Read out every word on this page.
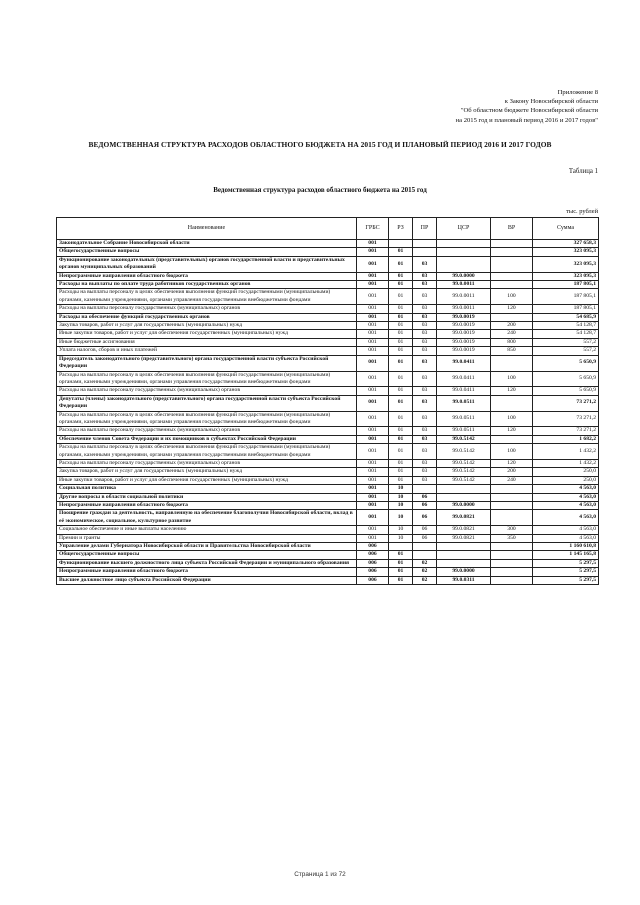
Приложение 8
к Закону Новосибирской области
"Об областном бюджете Новосибирской области
на 2015 год и плановый период 2016 и 2017 годов"
ВЕДОМСТВЕННАЯ СТРУКТУРА РАСХОДОВ ОБЛАСТНОГО БЮДЖЕТА НА 2015 ГОД И ПЛАНОВЫЙ ПЕРИОД 2016 И 2017 ГОДОВ
Таблица 1
Ведомственная структура расходов областного бюджета на 2015 год
тыс. рублей
Наименование	ГРБС	РЗ	ПР	ЦСР	ВР	Сумма
Законодательное Собрание Новосибирской области	001					327 658,3
Общегосударственные вопросы	001	01				323 095,3
Функционирование законодательных (представительных) органов государственной власти и представительных органов муниципальных образований	001	01	03			323 095,3
Непрограммные направления областного бюджета	001	01	03	99.0.0000		323 095,3
Расходы на выплаты по оплате труда работников государственных органов	001	01	03	99.0.0011		187 805,1
Расходы на выплаты персоналу в целях обеспечения выполнения функций государственными (муниципальными) органами, казенными учреждениями, органами управления государственными внебюджетными фондами	001	01	03	99.0.0011	100	187 805,1
Расходы на выплаты персоналу государственных (муниципальных) органов	001	01	03	99.0.0011	120	187 805,1
Расходы на обеспечение функций государственных органов	001	01	03	99.0.0019		54 685,9
Закупка товаров, работ и услуг для государственных (муниципальных) нужд	001	01	03	99.0.0019	200	54 128,7
Иные закупки товаров, работ и услуг для обеспечения государственных (муниципальных) нужд	001	01	03	99.0.0019	240	54 128,7
Иные бюджетные ассигнования	001	01	03	99.0.0019	800	557,2
Уплата налогов, сборов и иных платежей	001	01	03	99.0.0019	850	557,2
Председатель законодательного (представительного) органа государственной власти субъекта Российской Федерации	001	01	03	99.0.0411		5 650,9
Расходы на выплаты персоналу в целях обеспечения выполнения функций государственными (муниципальными) органами, казенными учреждениями, органами управления государственными внебюджетными фондами	001	01	03	99.0.0411	100	5 650,9
Расходы на выплаты персоналу государственных (муниципальных) органов	001	01	03	99.0.0411	120	5 650,9
Депутаты (члены) законодательного (представительного) органа государственной власти субъекта Российской Федерации	001	01	03	99.0.0511		73 271,2
Расходы на выплаты персоналу в целях обеспечения выполнения функций государственными (муниципальными) органами, казенными учреждениями, органами управления государственными внебюджетными фондами	001	01	03	99.0.0511	100	73 271,2
Расходы на выплаты персоналу государственных (муниципальных) органов	001	01	03	99.0.0511	120	73 271,2
Обеспечение членов Совета Федерации и их помощников в субъектах Российской Федерации	001	01	03	99.0.5142		1 682,2
Расходы на выплаты персоналу в целях обеспечения выполнения функций государственными (муниципальными) органами, казенными учреждениями, органами управления государственными внебюджетными фондами	001	01	03	99.0.5142	100	1 432,2
Расходы на выплаты персоналу государственных (муниципальных) органов	001	01	03	99.0.5142	120	1 432,2
Закупка товаров, работ и услуг для государственных (муниципальных) нужд	001	01	03	99.0.5142	200	250,0
Иные закупки товаров, работ и услуг для обеспечения государственных (муниципальных) нужд	001	01	03	99.0.5142	240	250,0
Социальная политика	001	10				4 563,0
Другие вопросы в области социальной политики	001	10	06			4 563,0
Непрограммные направления областного бюджета	001	10	06	99.0.0000		4 563,0
Поощрение граждан за деятельность, направленную на обеспечение благополучия Новосибирской области, вклад в её экономическое, социальное, культурное развитие	001	10	06	99.0.0821		4 563,0
Социальное обеспечение и иные выплаты населению	001	10	06	99.0.0821	300	4 563,0
Премии и гранты	001	10	06	99.0.0821	350	4 563,0
Управление делами Губернатора Новосибирской области и Правительства Новосибирской области	006					1 160 610,8
Общегосударственные вопросы	006	01				1 145 165,8
Функционирование высшего должностного лица субъекта Российской Федерации и муниципального образования	006	01	02			5 297,5
Непрограммные направления областного бюджета	006	01	02	99.0.0000		5 297,5
Высшее должностное лицо субъекта Российской Федерации	006	01	02	99.0.0311		5 297,5
Страница 1 из 72
